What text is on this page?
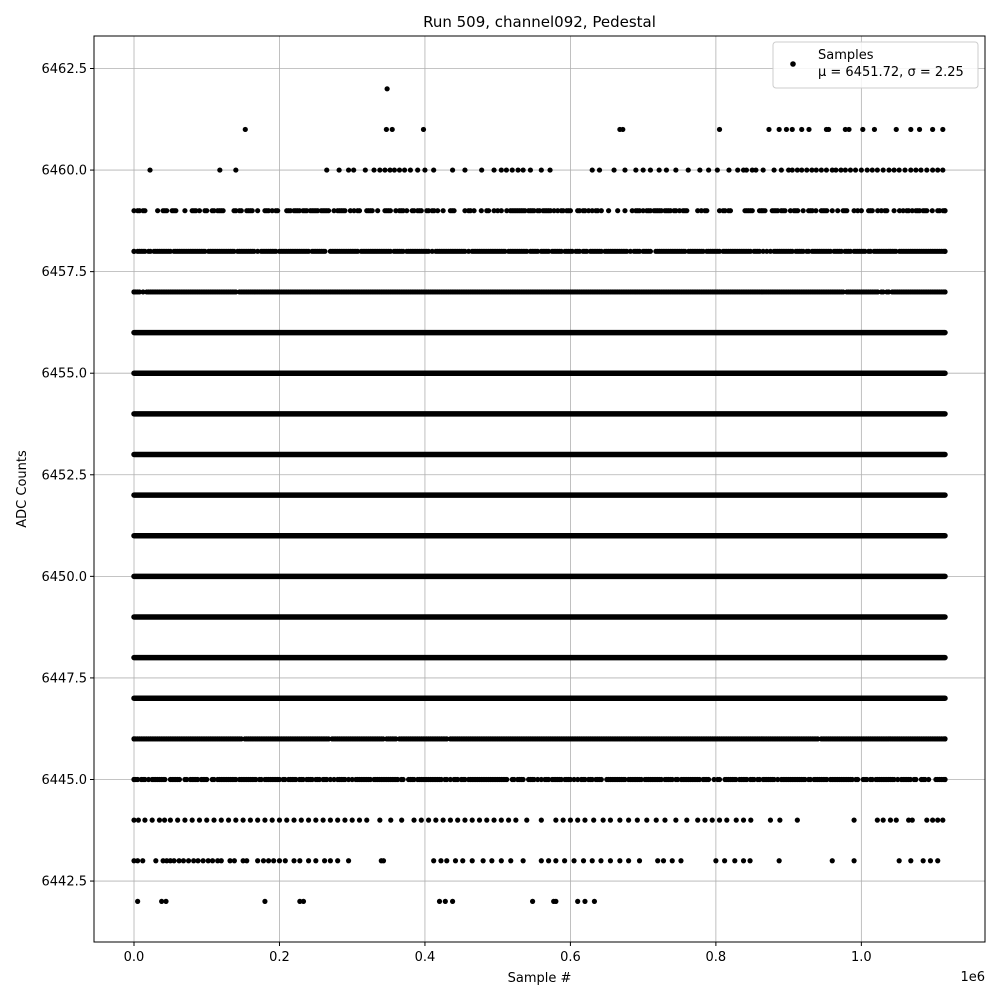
0.0	0.2	0.4	0.6	0.8	1.0
6442.5
6445.0
6447.5
6450.0
6452.5
6455.0
6457.5
6460.0
6462.5
Run 509, channel092, Pedestal
Sample #
ADC Counts
1e6
Samples
μ = 6451.72, σ = 2.25
